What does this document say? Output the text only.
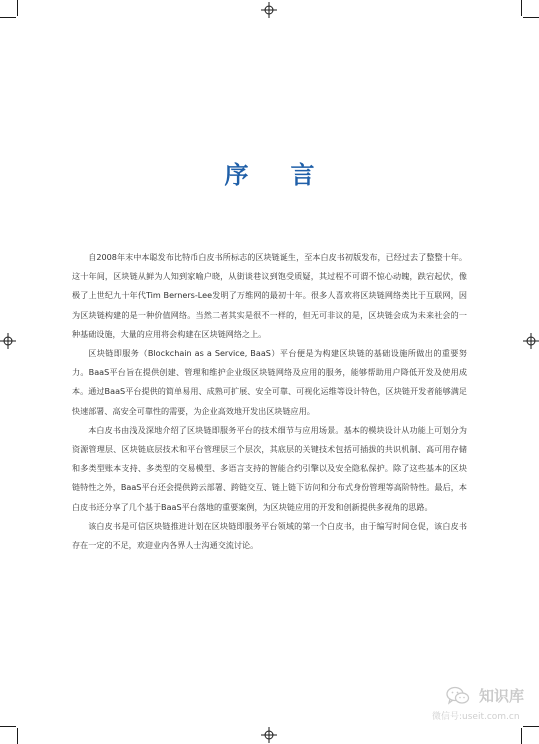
序言

自2008年末中本聪发布比特币白皮书所标志的区块链诞生，至本白皮书初版发布，已经过去了整整十年。这十年间，区块链从鲜为人知到家喻户晓，从街谈巷议到饱受质疑，其过程不可谓不惊心动魄，跌宕起伏，像极了上世纪九十年代Tim Berners-Lee发明了万维网的最初十年。很多人喜欢将区块链网络类比于互联网，因为区块链构建的是一种价值网络。当然二者其实是很不一样的，但无可非议的是，区块链会成为未来社会的一种基础设施，大量的应用将会构建在区块链网络之上。

区块链即服务（Blockchain as a Service, BaaS）平台便是为构建区块链的基础设施所做出的重要努力。BaaS平台旨在提供创建、管理和维护企业级区块链网络及应用的服务，能够帮助用户降低开发及使用成本。通过BaaS平台提供的简单易用、成熟可扩展、安全可靠、可视化运维等设计特色，区块链开发者能够满足快速部署、高安全可靠性的需要，为企业高效地开发出区块链应用。

本白皮书由浅及深地介绍了区块链即服务平台的技术细节与应用场景。基本的模块设计从功能上可划分为资源管理层、区块链底层技术和平台管理层三个层次，其底层的关键技术包括可插拔的共识机制、高可用存储和多类型账本支持、多类型的交易模型、多语言支持的智能合约引擎以及安全隐私保护。除了这些基本的区块链特性之外，BaaS平台还会提供跨云部署、跨链交互、链上链下访问和分布式身份管理等高阶特性。最后，本白皮书还分享了几个基于BaaS平台落地的重要案例，为区块链应用的开发和创新提供多视角的思路。

该白皮书是可信区块链推进计划在区块链即服务平台领域的第一个白皮书，由于编写时间仓促，该白皮书存在一定的不足，欢迎业内各界人士沟通交流讨论。

知识库
微信号:useit.com.cn
